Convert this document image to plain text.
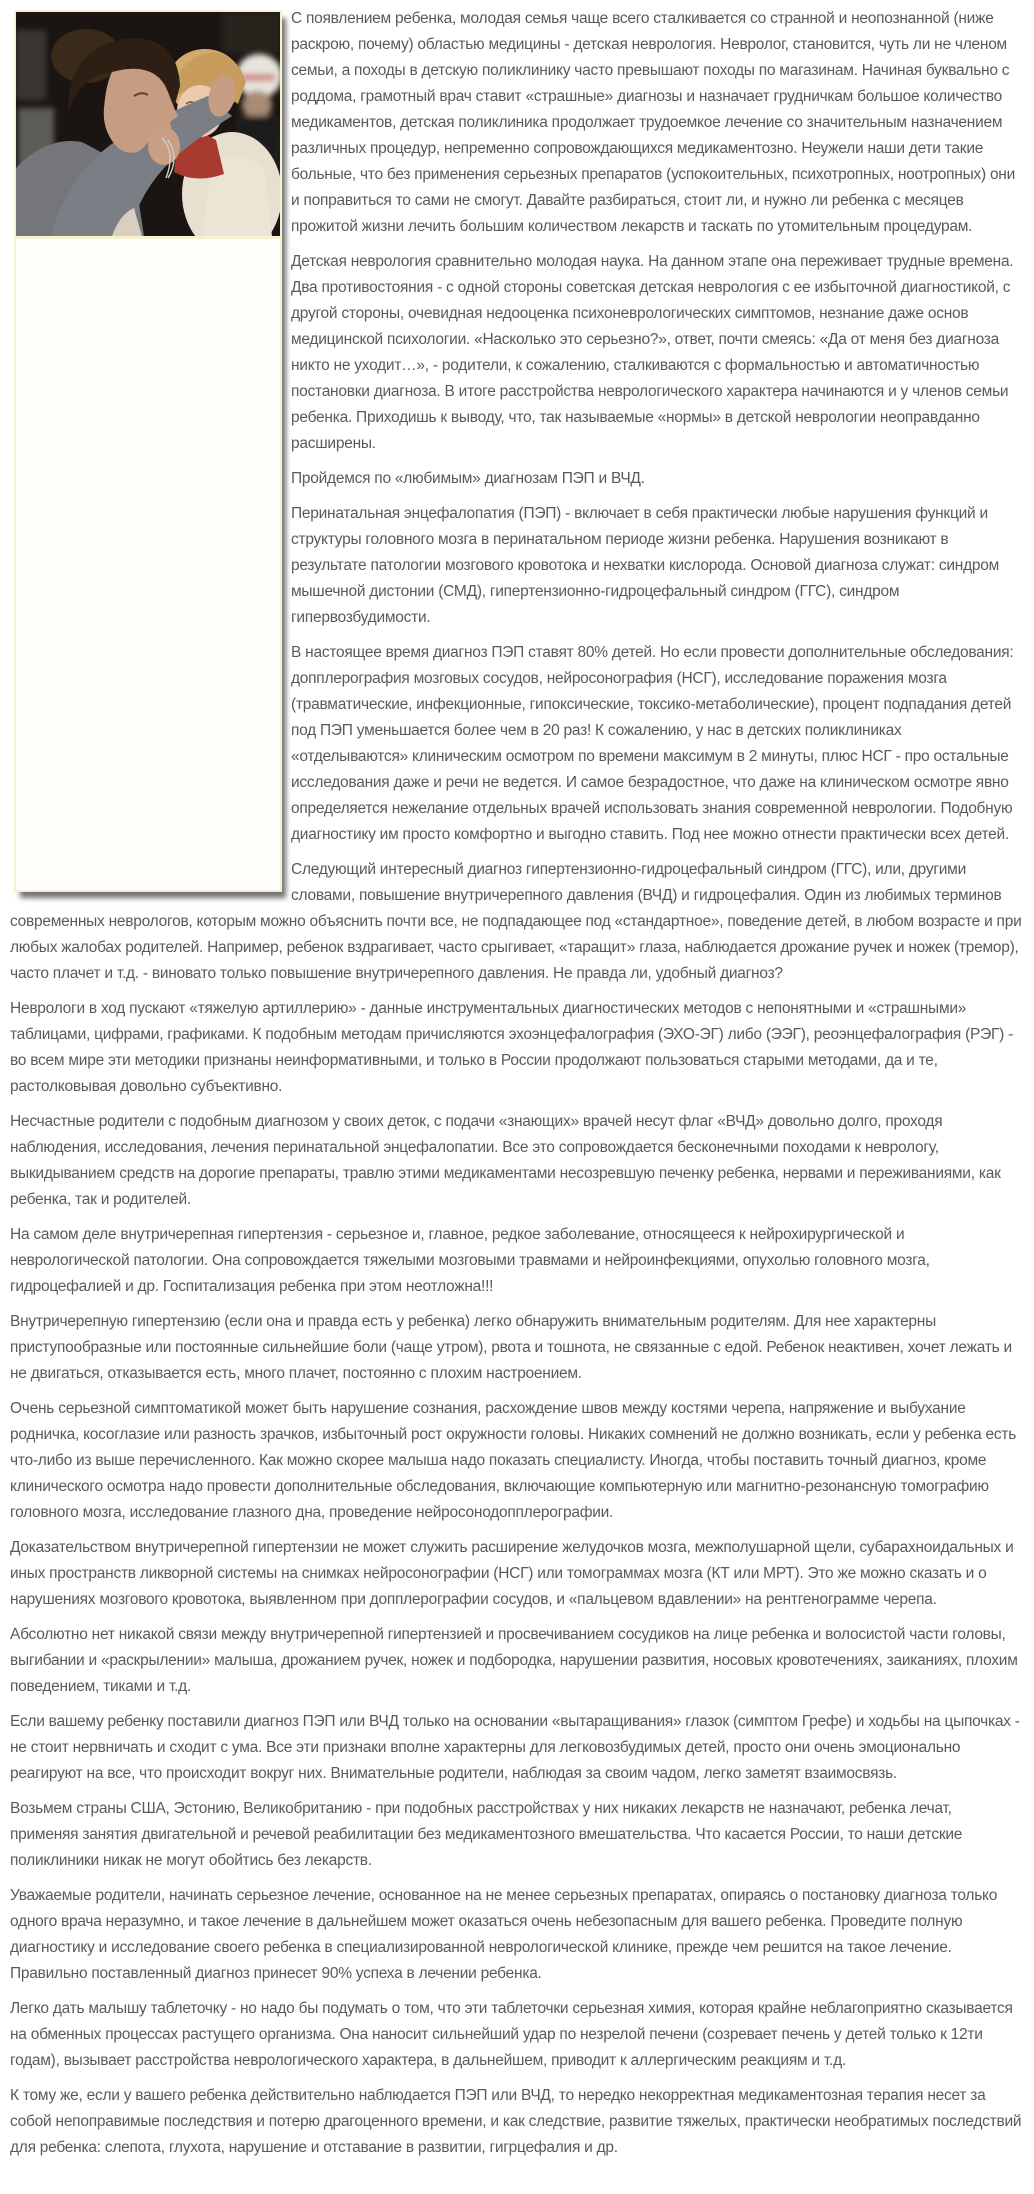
С появлением ребенка, молодая семья чаще всего сталкивается со странной и неопознанной (ниже раскрою, почему) областью медицины - детская неврология. Невролог, становится, чуть ли не членом семьи, а походы в детскую поликлинику часто превышают походы по магазинам. Начиная буквально с роддома, грамотный врач ставит «страшные» диагнозы и назначает грудничкам большое количество медикаментов, детская поликлиника продолжает трудоемкое лечение со значительным назначением различных процедур, непременно сопровождающихся медикаментозно. Неужели наши дети такие больные, что без применения серьезных препаратов (успокоительных, психотропных, ноотропных) они и поправиться то сами не смогут. Давайте разбираться, стоит ли, и нужно ли ребенка с месяцев прожитой жизни лечить большим количеством лекарств и таскать по утомительным процедурам.

Детская неврология сравнительно молодая наука. На данном этапе она переживает трудные времена. Два противостояния - с одной стороны советская детская неврология с ее избыточной диагностикой, с другой стороны, очевидная недооценка психоневрологических симптомов, незнание даже основ медицинской психологии. «Насколько это серьезно?», ответ, почти смеясь: «Да от меня без диагноза никто не уходит…», - родители, к сожалению, сталкиваются с формальностью и автоматичностью постановки диагноза. В итоге расстройства неврологического характера начинаются и у членов семьи ребенка. Приходишь к выводу, что, так называемые «нормы» в детской неврологии неоправданно расширены.

Пройдемся по «любимым» диагнозам ПЭП и ВЧД.

Перинатальная энцефалопатия (ПЭП) - включает в себя практически любые нарушения функций и структуры головного мозга в перинатальном периоде жизни ребенка. Нарушения возникают в результате патологии мозгового кровотока и нехватки кислорода. Основой диагноза служат: синдром мышечной дистонии (СМД), гипертензионно-гидроцефальный синдром (ГГС), синдром гипервозбудимости.

В настоящее время диагноз ПЭП ставят 80% детей. Но если провести дополнительные обследования: допплерография мозговых сосудов, нейросонография (НСГ), исследование поражения мозга (травматические, инфекционные, гипоксические, токсико-метаболические), процент подпадания детей под ПЭП уменьшается более чем в 20 раз! К сожалению, у нас в детских поликлиниках «отделываются» клиническим осмотром по времени максимум в 2 минуты, плюс НСГ - про остальные исследования даже и речи не ведется. И самое безрадостное, что даже на клиническом осмотре явно определяется нежелание отдельных врачей использовать знания современной неврологии. Подобную диагностику им просто комфортно и выгодно ставить. Под нее можно отнести практически всех детей.

Следующий интересный диагноз гипертензионно-гидроцефальный синдром (ГГС), или, другими словами, повышение внутричерепного давления (ВЧД) и гидроцефалия. Один из любимых терминов современных неврологов, которым можно объяснить почти все, не подпадающее под «стандартное», поведение детей, в любом возрасте и при любых жалобах родителей. Например, ребенок вздрагивает, часто срыгивает, «таращит» глаза, наблюдается дрожание ручек и ножек (тремор), часто плачет и т.д. - виновато только повышение внутричерепного давления. Не правда ли, удобный диагноз?

Неврологи в ход пускают «тяжелую артиллерию» - данные инструментальных диагностических методов с непонятными и «страшными» таблицами, цифрами, графиками. К подобным методам причисляются эхоэнцефалография (ЭХО-ЭГ) либо (ЭЭГ), реоэнцефалография (РЭГ) - во всем мире эти методики признаны неинформативными, и только в России продолжают пользоваться старыми методами, да и те, растолковывая довольно субъективно.

Несчастные родители с подобным диагнозом у своих деток, с подачи «знающих» врачей несут флаг «ВЧД» довольно долго, проходя наблюдения, исследования, лечения перинатальной энцефалопатии. Все это сопровождается бесконечными походами к неврологу, выкидыванием средств на дорогие препараты, травлю этими медикаментами несозревшую печенку ребенка, нервами и переживаниями, как ребенка, так и родителей.

На самом деле внутричерепная гипертензия - серьезное и, главное, редкое заболевание, относящееся к нейрохирургической и неврологической патологии. Она сопровождается тяжелыми мозговыми травмами и нейроинфекциями, опухолью головного мозга, гидроцефалией и др. Госпитализация ребенка при этом неотложна!!!

Внутричерепную гипертензию (если она и правда есть у ребенка) легко обнаружить внимательным родителям. Для нее характерны приступообразные или постоянные сильнейшие боли (чаще утром), рвота и тошнота, не связанные с едой. Ребенок неактивен, хочет лежать и не двигаться, отказывается есть, много плачет, постоянно с плохим настроением.

Очень серьезной симптоматикой может быть нарушение сознания, расхождение швов между костями черепа, напряжение и выбухание родничка, косоглазие или разность зрачков, избыточный рост окружности головы. Никаких сомнений не должно возникать, если у ребенка есть что-либо из выше перечисленного. Как можно скорее малыша надо показать специалисту. Иногда, чтобы поставить точный диагноз, кроме клинического осмотра надо провести дополнительные обследования, включающие компьютерную или магнитно-резонансную томографию головного мозга, исследование глазного дна, проведение нейросонодопплерографии.

Доказательством внутричерепной гипертензии не может служить расширение желудочков мозга, межполушарной щели, субарахноидальных и иных пространств ликворной системы на снимках нейросонографии (НСГ) или томограммах мозга (КТ или МРТ). Это же можно сказать и о нарушениях мозгового кровотока, выявленном при допплерографии сосудов, и «пальцевом вдавлении» на рентгенограмме черепа.

Абсолютно нет никакой связи между внутричерепной гипертензией и просвечиванием сосудиков на лице ребенка и волосистой части головы, выгибании и «раскрылении» малыша, дрожанием ручек, ножек и подбородка, нарушении развития, носовых кровотечениях, заиканиях, плохим поведением, тиками и т.д.

Если вашему ребенку поставили диагноз ПЭП или ВЧД только на основании «вытаращивания» глазок (симптом Грефе) и ходьбы на цыпочках - не стоит нервничать и сходит с ума. Все эти признаки вполне характерны для легковозбудимых детей, просто они очень эмоционально реагируют на все, что происходит вокруг них. Внимательные родители, наблюдая за своим чадом, легко заметят взаимосвязь.

Возьмем страны США, Эстонию, Великобританию - при подобных расстройствах у них никаких лекарств не назначают, ребенка лечат, применяя занятия двигательной и речевой реабилитации без медикаментозного вмешательства. Что касается России, то наши детские поликлиники никак не могут обойтись без лекарств.

Уважаемые родители, начинать серьезное лечение, основанное на не менее серьезных препаратах, опираясь о постановку диагноза только одного врача неразумно, и такое лечение в дальнейшем может оказаться очень небезопасным для вашего ребенка. Проведите полную диагностику и исследование своего ребенка в специализированной неврологической клинике, прежде чем решится на такое лечение. Правильно поставленный диагноз принесет 90% успеха в лечении ребенка.

Легко дать малышу таблеточку - но надо бы подумать о том, что эти таблеточки серьезная химия, которая крайне неблагоприятно сказывается на обменных процессах растущего организма. Она наносит сильнейший удар по незрелой печени (созревает печень у детей только к 12ти годам), вызывает расстройства неврологического характера, в дальнейшем, приводит к аллергическим реакциям и т.д.

К тому же, если у вашего ребенка действительно наблюдается ПЭП или ВЧД, то нередко некорректная медикаментозная терапия несет за собой непоправимые последствия и потерю драгоценного времени, и как следствие, развитие тяжелых, практически необратимых последствий для ребенка: слепота, глухота, нарушение и отставание в развитии, гигрцефалия и др.
